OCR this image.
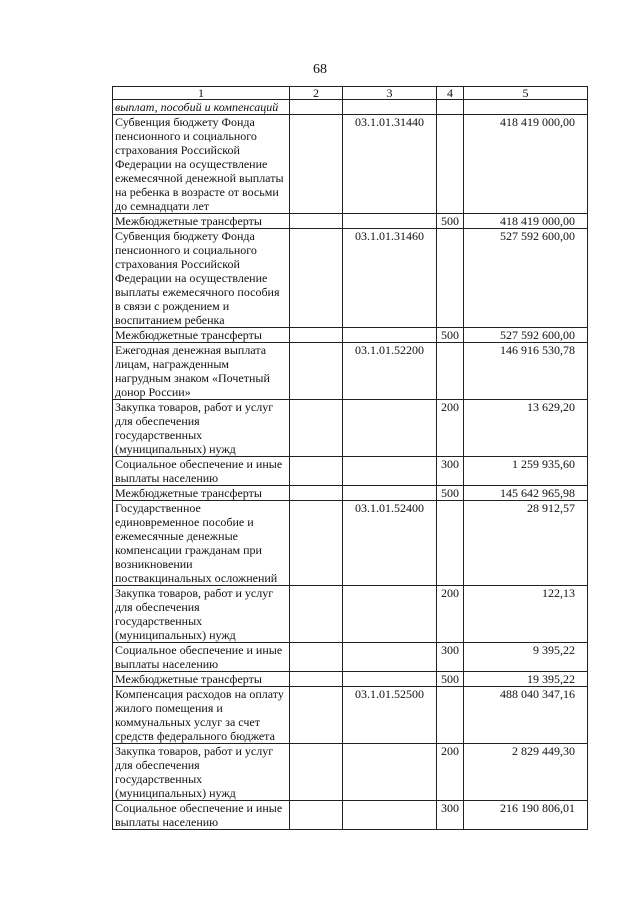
68
1	2	3	4	5
выплат, пособий и компенсаций				
Субвенция бюджету Фонда пенсионного и социального страхования Российской Федерации на осуществление ежемесячной денежной выплаты на ребенка в возрасте от восьми до семнадцати лет		03.1.01.31440		418 419 000,00
Межбюджетные трансферты			500	418 419 000,00
Субвенция бюджету Фонда пенсионного и социального страхования Российской Федерации на осуществление выплаты ежемесячного пособия в связи с рождением и воспитанием ребенка		03.1.01.31460		527 592 600,00
Межбюджетные трансферты			500	527 592 600,00
Ежегодная денежная выплата лицам, награжденным нагрудным знаком «Почетный донор России»		03.1.01.52200		146 916 530,78
Закупка товаров, работ и услуг для обеспечения государственных (муниципальных) нужд			200	13 629,20
Социальное обеспечение и иные выплаты населению			300	1 259 935,60
Межбюджетные трансферты			500	145 642 965,98
Государственное единовременное пособие и ежемесячные денежные компенсации гражданам при возникновении поствакцинальных осложнений		03.1.01.52400		28 912,57
Закупка товаров, работ и услуг для обеспечения государственных (муниципальных) нужд			200	122,13
Социальное обеспечение и иные выплаты населению			300	9 395,22
Межбюджетные трансферты			500	19 395,22
Компенсация расходов на оплату жилого помещения и коммунальных услуг за счет средств федерального бюджета		03.1.01.52500		488 040 347,16
Закупка товаров, работ и услуг для обеспечения государственных (муниципальных) нужд			200	2 829 449,30
Социальное обеспечение и иные выплаты населению			300	216 190 806,01
